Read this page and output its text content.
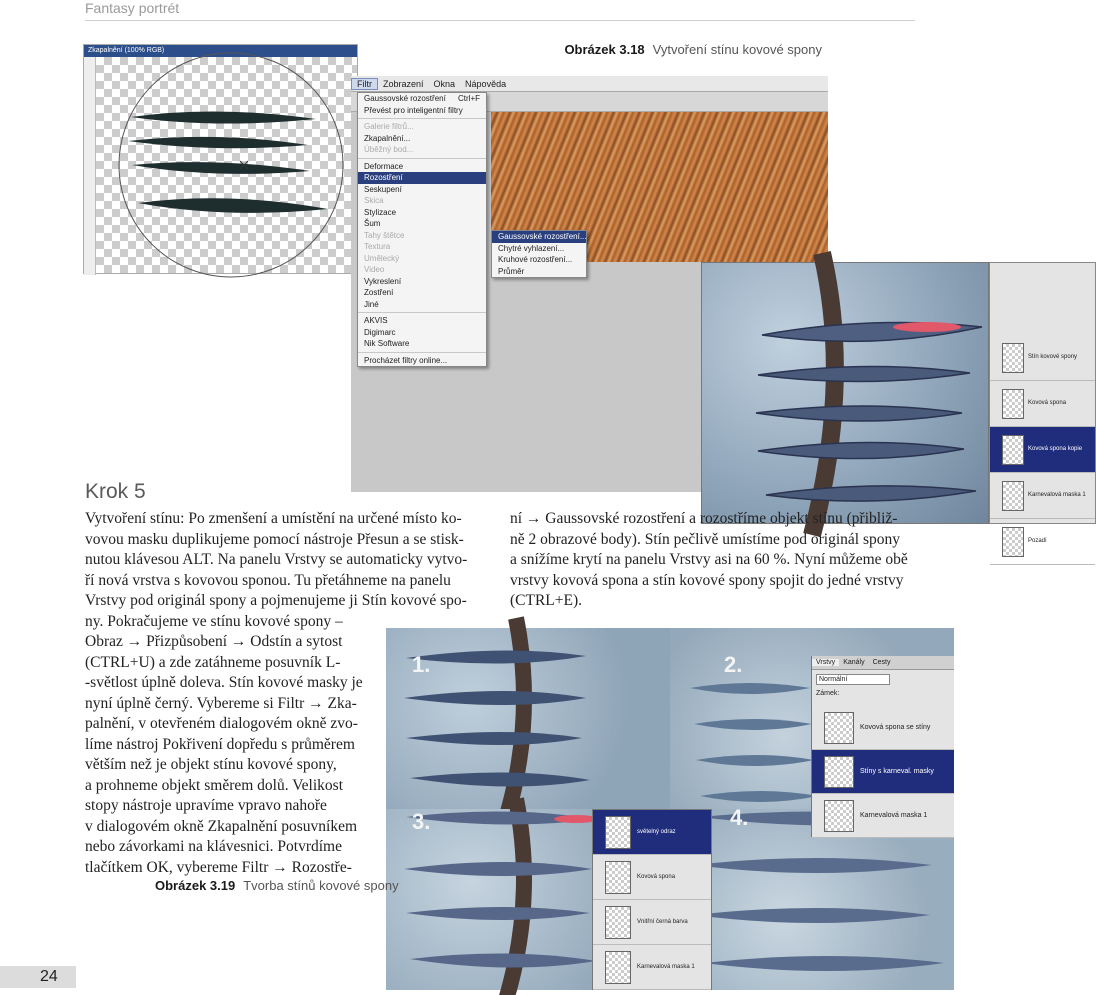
Fantasy portrét
Obrázek 3.18 Vytvoření stínu kovové spony
Zkapalnění (100% RGB)
Filtr Zobrazení Okna Nápověda
Gaussovské rozostření Ctrl+F
Převést pro inteligentní filtry
Galerie filtrů...
Zkapalnění...
Úběžný bod...
Deformace
Rozostření
Seskupení
Skica
Stylizace
Šum
Tahy štětce
Textura
Umělecký
Video
Vykreslení
Zostření
Jiné
AKVIS
Digimarc
Nik Software
Procházet filtry online...
Gaussovské rozostření...
Chytré vyhlazení...
Kruhové rozostření...
Průměr
Stín kovové spony
Kovová spona
Kovová spona kopie
Karnevalová maska 1
Pozadí
Krok 5
Vytvoření stínu: Po zmenšení a umístění na určené místo ko-
vovou masku duplikujeme pomocí nástroje Přesun a se stisk-
nutou klávesou ALT. Na panelu Vrstvy se automaticky vytvo-
ří nová vrstva s kovovou sponou. Tu přetáhneme na panelu
Vrstvy pod originál spony a pojmenujeme ji Stín kovové spo-
ny. Pokračujeme ve stínu kovové spony –
Obraz → Přizpůsobení → Odstín a sytost
(CTRL+U) a zde zatáhneme posuvník L-
-světlost úplně doleva. Stín kovové masky je
nyní úplně černý. Vybereme si Filtr → Zka-
palnění, v otevřeném dialogovém okně zvo-
líme nástroj Pokřivení dopředu s průměrem
větším než je objekt stínu kovové spony,
a prohneme objekt směrem dolů. Velikost
stopy nástroje upravíme vpravo nahoře
v dialogovém okně Zkapalnění posuvníkem
nebo závorkami na klávesnici. Potvrdíme
tlačítkem OK, vybereme Filtr → Rozostře-
ní → Gaussovské rozostření a rozostříme objekt stínu (přibliž-
ně 2 obrazové body). Stín pečlivě umístíme pod originál spony
a snížíme krytí na panelu Vrstvy asi na 60 %. Nyní můžeme obě
vrstvy kovová spona a stín kovové spony spojit do jedné vrstvy
(CTRL+E).
1.	2.
3.	4.
Vrstvy Kanály Cesty
Normální
Zámek:
Kovová spona se stíny
Stíny s karneval. masky
Karnevalová maska 1
světelný odraz
Kovová spona
Vnitřní černá barva
Karnevalová maska 1
Obrázek 3.19 Tvorba stínů kovové spony
24
